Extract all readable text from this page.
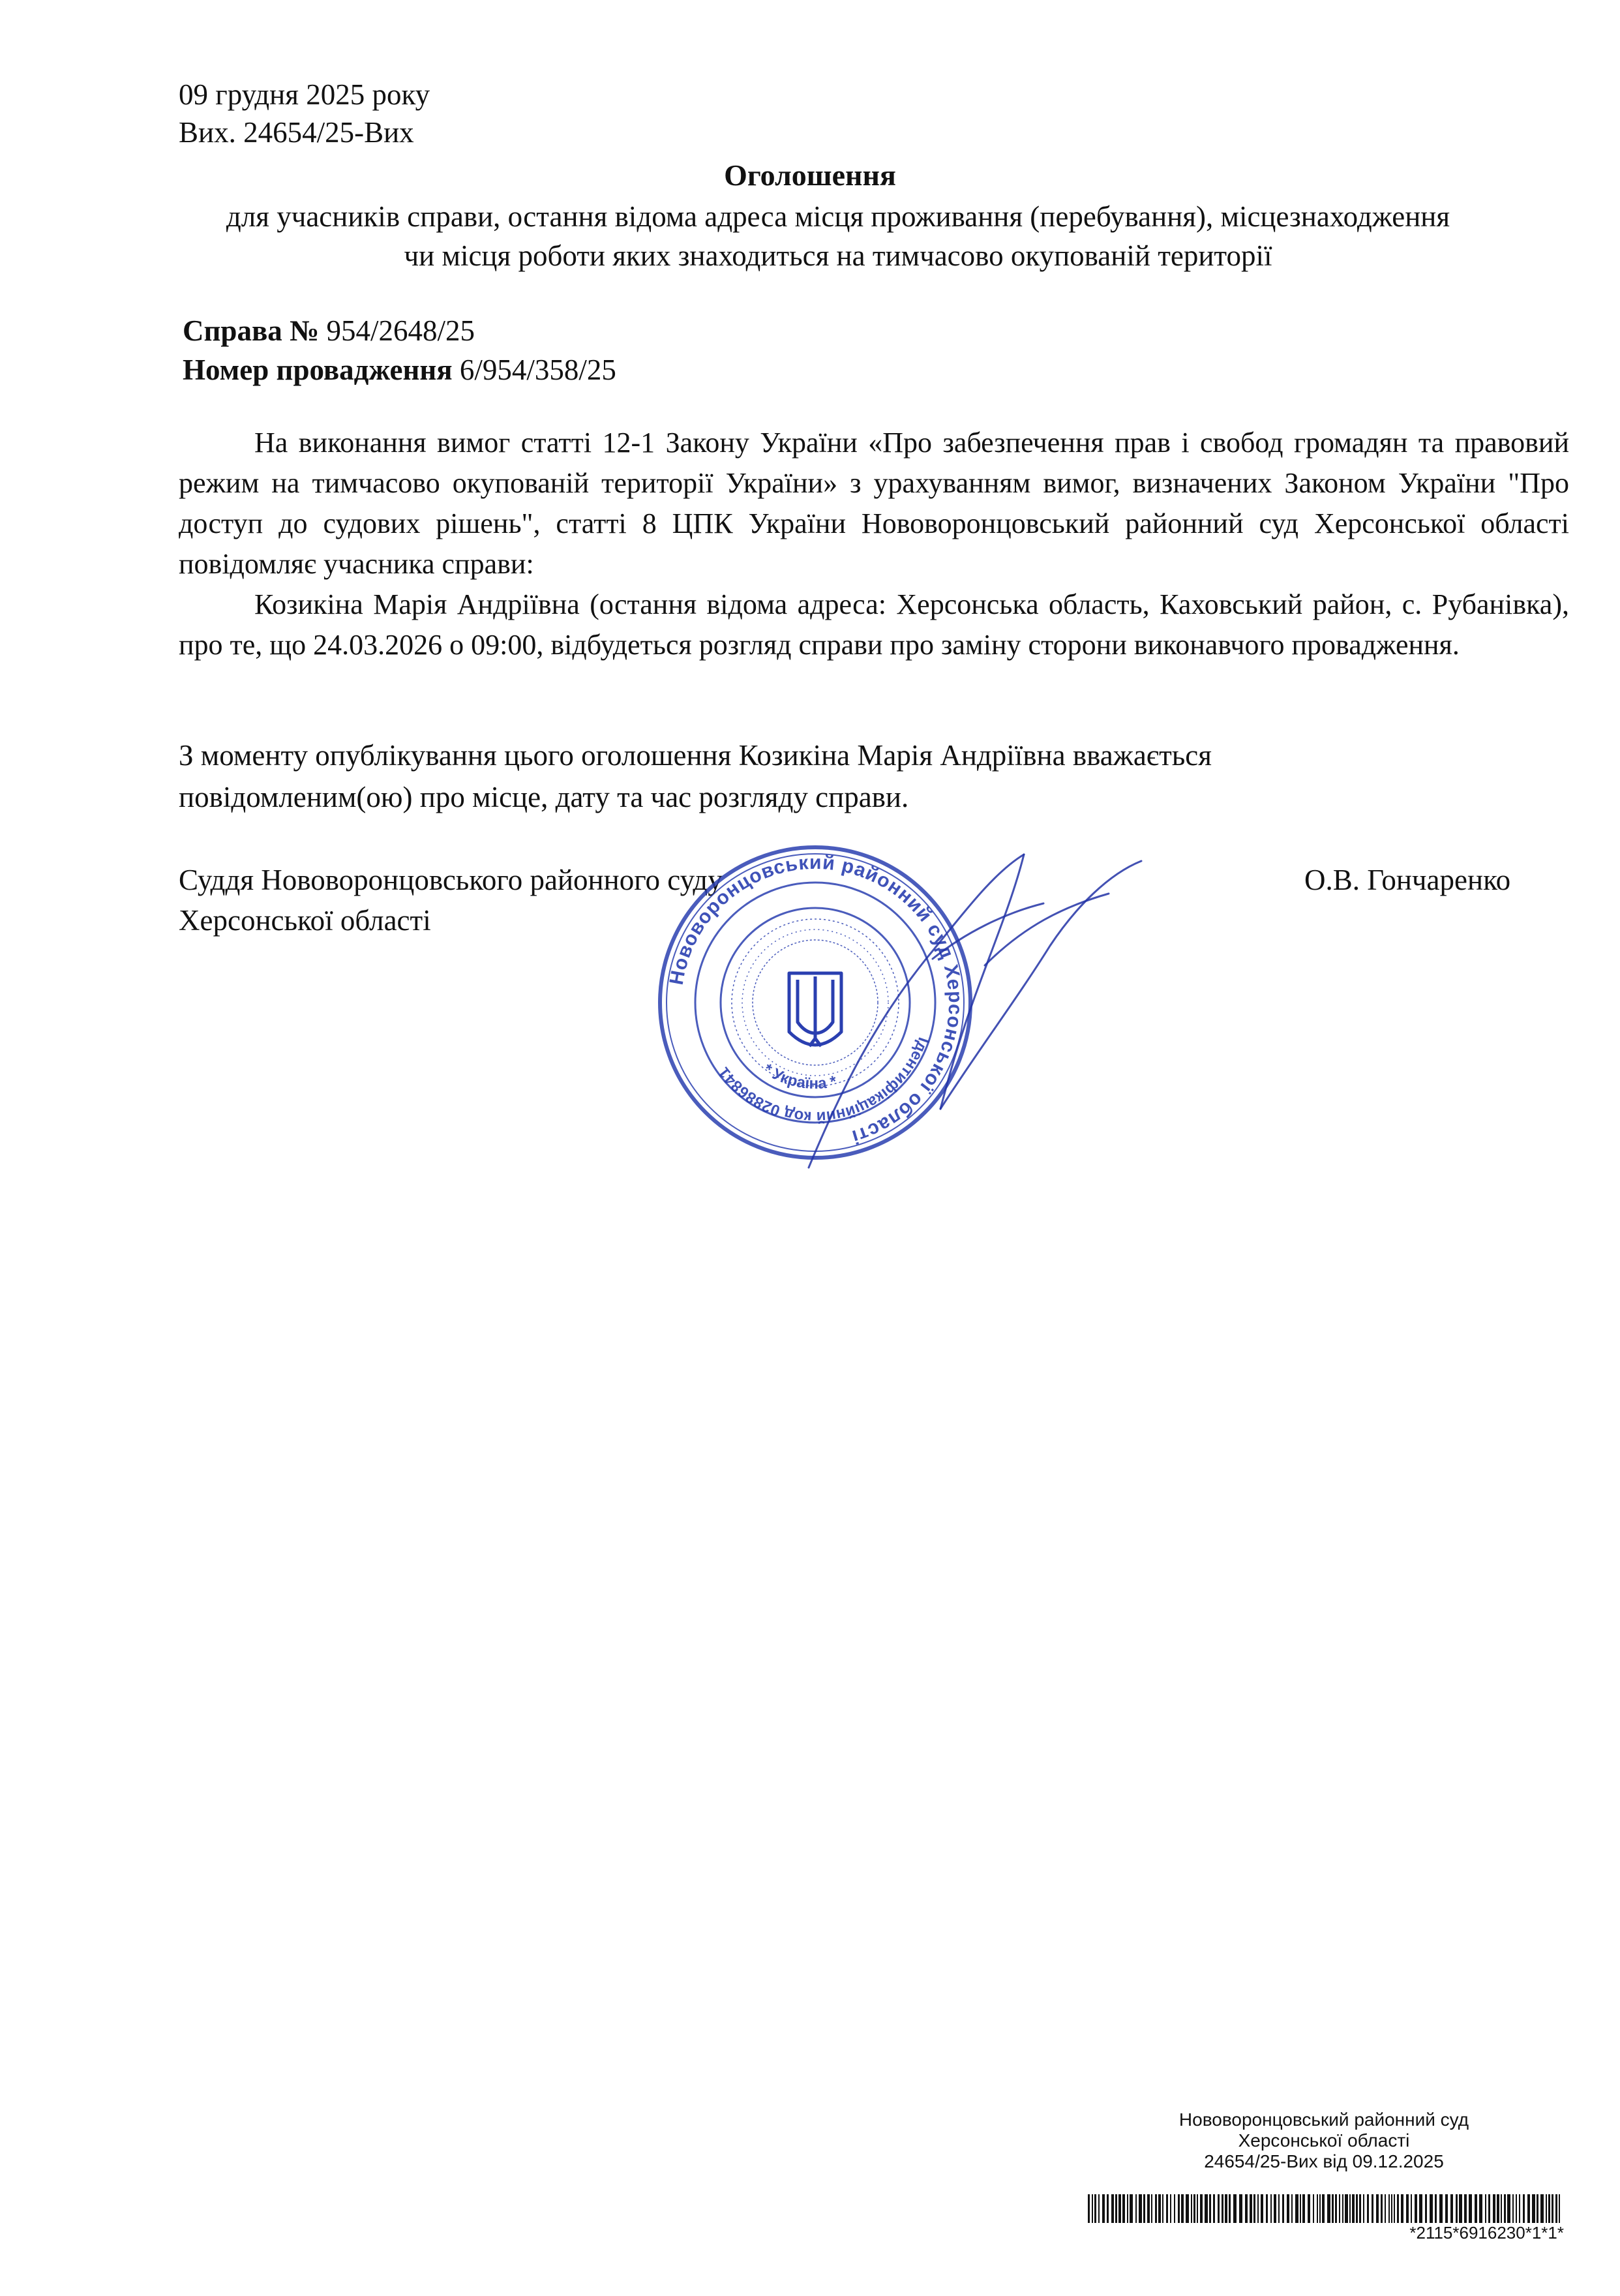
09 грудня 2025 року
Вих. 24654/25-Вих
Оголошення
для учасників справи, остання відома адреса місця проживання (перебування), місцезнаходження
чи місця роботи яких знаходиться на тимчасово окупованій території
Справа № 954/2648/25
Номер провадження 6/954/358/25

На виконання вимог статті 12-1 Закону України «Про забезпечення прав і свобод громадян та правовий режим на тимчасово окупованій території України» з урахуванням вимог, визначених Законом України "Про доступ до судових рішень", статті 8 ЦПК України Нововоронцовський районний суд Херсонської області повідомляє учасника справи:

Козикіна Марія Андріївна (остання відома адреса: Херсонська область, Каховський район, с. Рубанівка), про те, що 24.03.2026 о 09:00, відбудеться розгляд справи про заміну сторони виконавчого провадження.

З моменту опублікування цього оголошення Козикіна Марія Андріївна вважається

повідомленим(ою) про місце, дату та час розгляду справи.

Суддя Нововоронцовського районного суду
Херсонської області
О.В. Гончаренко
Нововоронцовський районний суд Херсонської області
Ідентифікаційний код 02886841	* Україна *
Нововоронцовський районний суд
Херсонської області
24654/25-Вих від 09.12.2025
*2115*6916230*1*1*
